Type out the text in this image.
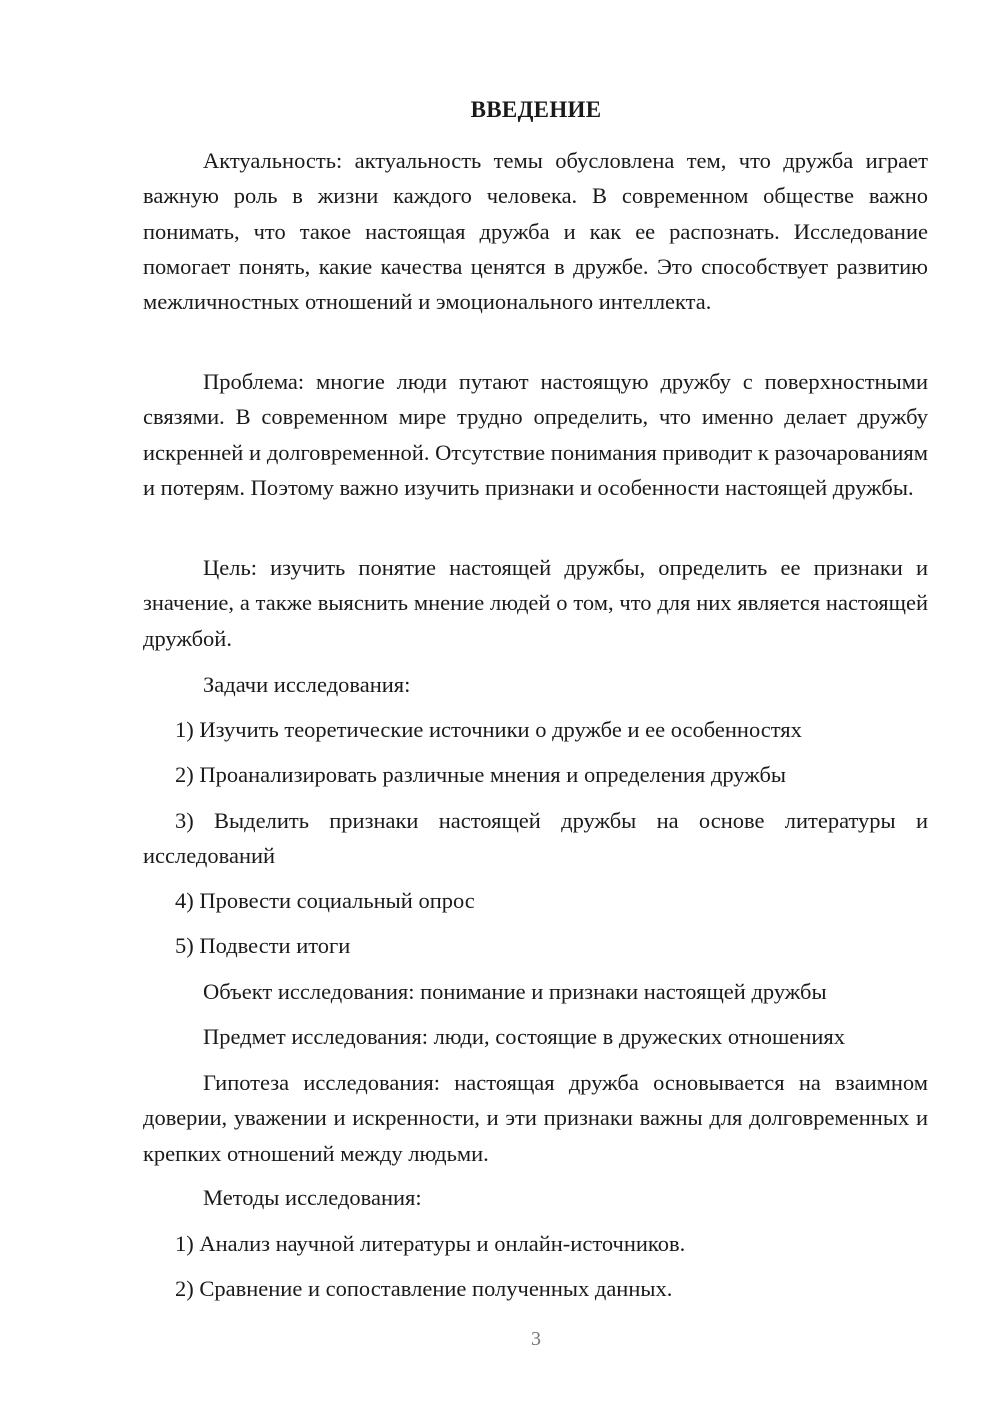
ВВЕДЕНИЕ

Актуальность: актуальность темы обусловлена тем, что дружба играет важную роль в жизни каждого человека. В современном обществе важно понимать, что такое настоящая дружба и как ее распознать. Исследование помогает понять, какие качества ценятся в дружбе. Это способствует развитию межличностных отношений и эмоционального интеллекта.

Проблема: многие люди путают настоящую дружбу с поверхностными связями. В современном мире трудно определить, что именно делает дружбу искренней и долговременной. Отсутствие понимания приводит к разочарованиям и потерям. Поэтому важно изучить признаки и особенности настоящей дружбы.

Цель: изучить понятие настоящей дружбы, определить ее признаки и значение, а также выяснить мнение людей о том, что для них является настоящей дружбой.

Задачи исследования:

1) Изучить теоретические источники о дружбе и ее особенностях

2) Проанализировать различные мнения и определения дружбы

3) Выделить признаки настоящей дружбы на основе литературы и исследований

4) Провести социальный опрос

5) Подвести итоги

Объект исследования: понимание и признаки настоящей дружбы

Предмет исследования: люди, состоящие в дружеских отношениях

Гипотеза исследования: настоящая дружба основывается на взаимном доверии, уважении и искренности, и эти признаки важны для долговременных и крепких отношений между людьми.

Методы исследования:

1) Анализ научной литературы и онлайн-источников.

2) Сравнение и сопоставление полученных данных.

3
